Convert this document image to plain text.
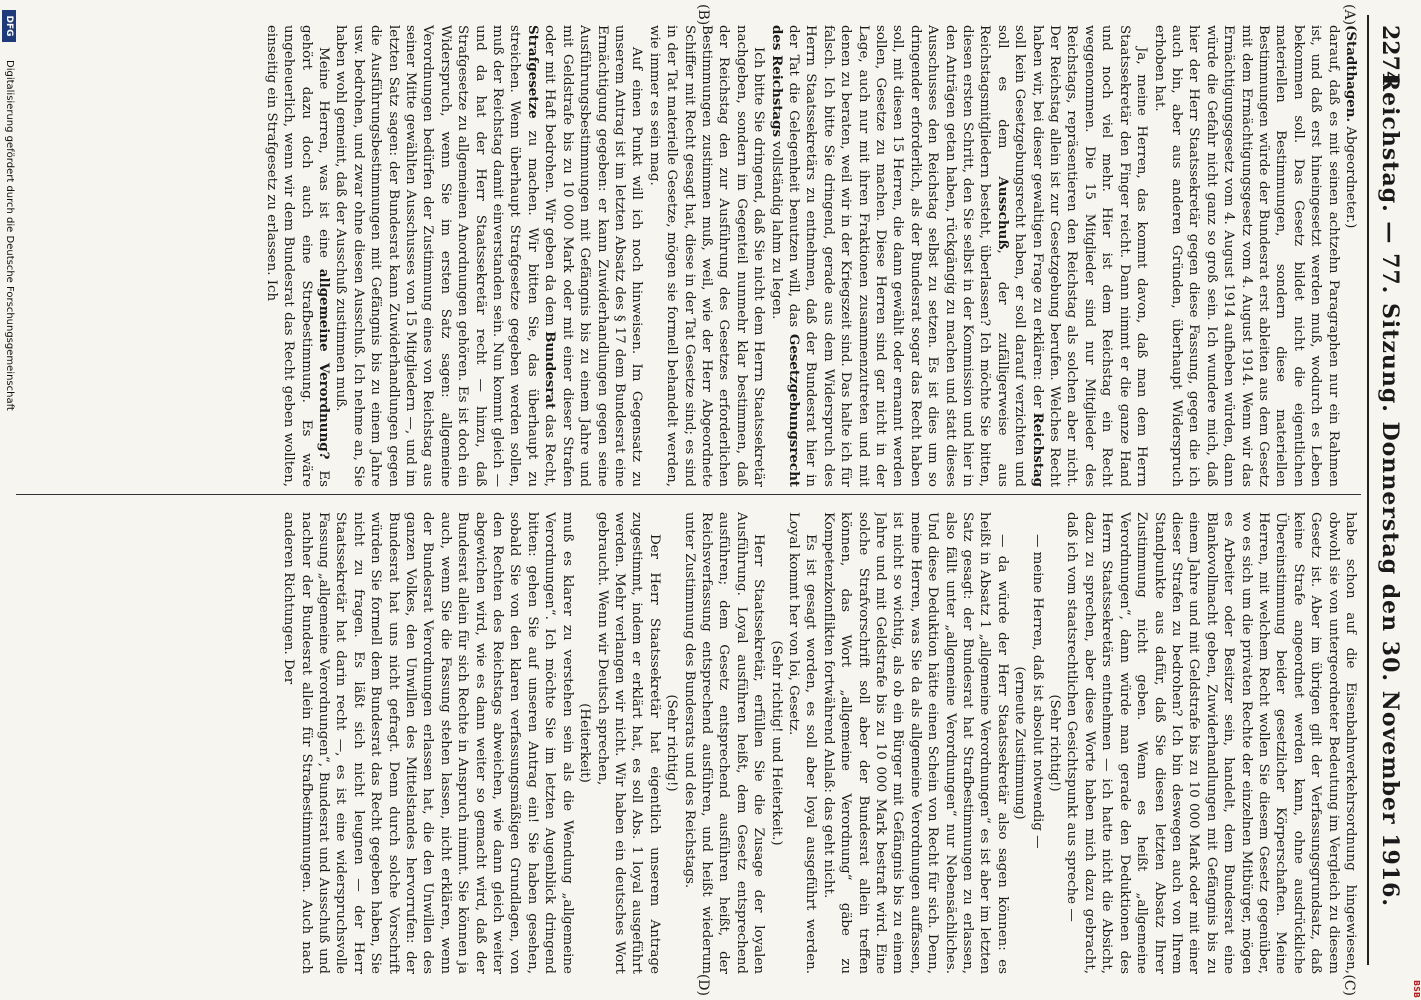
BSB
2274
Reichstag. — 77. Sitzung. Donnerstag den 30. November 1916.
(A)
(B)
(C)
(D)

(Stadthagen. Abgeordneter.)

darauf, daß es mit seinen achtzehn Paragraphen nur ein Rahmen ist, und daß erst hineingesetzt werden muß, wodurch es Leben bekommen soll. Das Gesetz bildet nicht die eigentlichen materiellen Bestimmungen, sondern diese materiellen Bestimmungen würde der Bundesrat erst ableiten aus dem Gesetz mit dem Ermächtigungsgesetz vom 4. August 1914. Wenn wir das Ermächtigungsgesetz vom 4. August 1914 aufheben würden, dann würde die Gefahr nicht ganz so groß sein. Ich wundere mich, daß hier der Herr Staatssekretär gegen diese Fassung, gegen die ich auch bin, aber aus anderen Gründen, überhaupt Widerspruch erhoben hat.

Ja, meine Herren, das kommt davon, daß man dem Herrn Staatssekretär den Finger reicht. Dann nimmt er die ganze Hand und noch viel mehr. Hier ist dem Reichstag ein Recht weggenommen. Die 15 Mitglieder sind nur Mitglieder des Reichstags, repräsentieren den Reichstag als solchen aber nicht. Der Reichstag allein ist zur Gesetzgebung berufen. Welches Recht haben wir, bei dieser gewaltigen Frage zu erklären: der Reichstag soll kein Gesetzgebungsrecht haben, er soll darauf verzichten und soll es dem Ausschuß, der zufälligerweise aus Reichstagsmitgliedern besteht, überlassen? Ich möchte Sie bitten, diesen ersten Schritt, den Sie selbst in der Kommission und hier in den Anträgen getan haben, rückgängig zu machen und statt dieses Ausschusses den Reichstag selbst zu setzen. Es ist dies um so dringender erforderlich, als der Bundesrat sogar das Recht haben soll, mit diesen 15 Herren, die dann gewählt oder ernannt werden sollen, Gesetze zu machen. Diese Herren sind gar nicht in der Lage, auch nur mit ihren Fraktionen zusammenzutreten und mit denen zu beraten, weil wir in der Kriegszeit sind. Das halte ich für falsch. Ich bitte Sie dringend, gerade aus dem Widerspruch des Herrn Staatssekretärs zu entnehmen, daß der Bundesrat hier in der Tat die Gelegenheit benutzen will, das Gesetzgebungsrecht des Reichstags vollständig lahm zu legen.

Ich bitte Sie dringend, daß Sie nicht dem Herrn Staatssekretär nachgeben, sondern im Gegenteil nunmehr klar bestimmen, daß der Reichstag den zur Ausführung des Gesetzes erforderlichen Bestimmungen zustimmen muß, weil, wie der Herr Abgeordnete Schiffer mit Recht gesagt hat, diese in der Tat Gesetze sind; es sind in der Tat materielle Gesetze, mögen sie formell behandelt werden, wie immer es sein mag.

Auf einen Punkt will ich noch hinweisen. Im Gegensatz zu unserem Antrag ist im letzten Absatz des § 17 dem Bundesrat eine Ermächtigung gegeben: er kann Zuwiderhandlungen gegen seine Ausführungsbestimmungen mit Gefängnis bis zu einem Jahre und mit Geldstrafe bis zu 10 000 Mark oder mit einer dieser Strafen oder mit Haft bedrohen. Wir geben da dem Bundesrat das Recht, Strafgesetze zu machen. Wir bitten Sie, das überhaupt zu streichen. Wenn überhaupt Strafgesetze gegeben werden sollen, muß der Reichstag damit einverstanden sein. Nun kommt gleich — und da hat der Herr Staatssekretär recht — hinzu, daß Strafgesetze zu allgemeinen Anordnungen gehören. Es ist doch ein Widerspruch, wenn Sie im ersten Satz sagen: allgemeine Verordnungen bedürfen der Zustimmung eines von Reichstag aus seiner Mitte gewählten Ausschusses von 15 Mitgliedern —, und im letzten Satz sagen: der Bundesrat kann Zuwiderhandlungen gegen die Ausführungsbestimmungen mit Gefängnis bis zu einem Jahre usw. bedrohen, und zwar ohne diesen Ausschuß. Ich nehme an, Sie haben wohl gemeint, daß der Ausschuß zustimmen muß.

Meine Herren, was ist eine allgemeine Verordnung? Es gehört dazu doch auch eine Strafbestimmung. Es wäre ungeheuerlich, wenn wir dem Bundesrat das Recht geben wollten, einseitig ein Strafgesetz zu erlassen. Ich

habe schon auf die Eisenbahnverkehrsordnung hingewiesen, obwohl sie von untergeordneter Bedeutung im Vergleich zu diesem Gesetz ist. Aber im übrigen gilt der Verfassungsgrundsatz, daß keine Strafe angeordnet werden kann, ohne ausdrückliche Übereinstimmung beider gesetzlicher Körperschaften. Meine Herren, mit welchem Recht wollen Sie diesem Gesetz gegenüber, wo es sich um die privaten Rechte der einzelnen Mitbürger, mögen es Arbeiter oder Besitzer sein, handelt, dem Bundesrat eine Blankovollmacht geben, Zuwiderhandlungen mit Gefängnis bis zu einem Jahre und mit Geldstrafe bis zu 10 000 Mark oder mit einer dieser Strafen zu bedrohen? Ich bin deswegen auch von Ihrem Standpunkte aus dafür, daß Sie diesen letzten Absatz Ihrer Zustimmung nicht geben. Wenn es heißt „allgemeine Verordnungen“, dann würde man gerade den Deduktionen des Herrn Staatssekretärs entnehmen — ich hatte nicht die Absicht, dazu zu sprechen, aber diese Worte haben mich dazu gebracht, daß ich vom staatsrechtlichen Gesichtspunkt aus spreche —

(Sehr richtig!)

— meine Herren, daß ist absolut notwendig —

(erneute Zustimmung)

— da würde der Herr Staatssekretär also sagen können: es heißt in Absatz 1 „allgemeine Verordnungen“ es ist aber im letzten Satz gesagt: der Bundesrat hat Strafbestimmungen zu erlassen, also fällt unter „allgemeine Verordnungen“ nur Nebensächliches. Und diese Deduktion hätte einen Schein von Recht für sich. Denn, meine Herren, was Sie da als allgemeine Verordnungen auffassen, ist nicht so wichtig, als ob ein Bürger mit Gefängnis bis zu einem Jahre und mit Geldstrafe bis zu 10 000 Mark bestraft wird. Eine solche Strafvorschrift soll aber der Bundesrat allein treffen können, das Wort „allgemeine Verordnung“ gäbe zu Kompetenzkonflikten fortwährend Anlaß: das geht nicht.

Es ist gesagt worden, es soll aber loyal ausgeführt werden. Loyal kommt her von loi, Gesetz.

(Sehr richtig! und Heiterkeit.)

Herr Staatssekretär, erfüllen Sie die Zusage der loyalen Ausführung. Loyal ausführen heißt, dem Gesetz entsprechend ausführen; dem Gesetz entsprechend ausführen heißt, der Reichsverfassung entsprechend ausführen, und heißt wiederum unter Zustimmung des Bundesrats und des Reichstags.

(Sehr richtig!)

Der Herr Staatssekretär hat eigentlich unserem Antrage zugestimmt, indem er erklärt hat, es soll Abs. 1 loyal ausgeführt werden. Mehr verlangen wir nicht. Wir haben ein deutsches Wort gebraucht. Wenn wir Deutsch sprechen,

(Heiterkeit)

muß es klarer zu verstehen sein als die Wendung „allgemeine Verordnungen“. Ich möchte Sie im letzten Augenblick dringend bitten: gehen Sie auf unseren Antrag ein! Sie haben gesehen, sobald Sie von den klaren verfassungsmäßigen Grundlagen, von den Rechten des Reichstags abweichen, wie dann gleich weiter abgewichen wird, wie es dann weiter so gemacht wird, daß der Bundesrat allein für sich Rechte in Anspruch nimmt. Sie können ja auch, wenn Sie die Fassung stehen lassen, nicht erklären, wenn der Bundesrat Verordnungen erlassen hat, die den Unwillen des ganzen Volkes, den Unwillen des Mittelstandes hervorrufen: der Bundesrat hat uns nicht gefragt. Denn durch solche Vorschrift würden Sie formell dem Bundesrat das Recht gegeben haben, Sie nicht zu fragen. Es läßt sich nicht leugnen — der Herr Staatssekretär hat darin recht —, es ist eine widerspruchsvolle Fassung „allgemeine Verordnungen“, Bundesrat und Ausschuß und nachher der Bundesrat allein für Strafbestimmungen. Auch nach anderen Richtungen. Der

DFG
Digitalisierung gefördert durch die Deutsche Forschungsgemeinschaft
